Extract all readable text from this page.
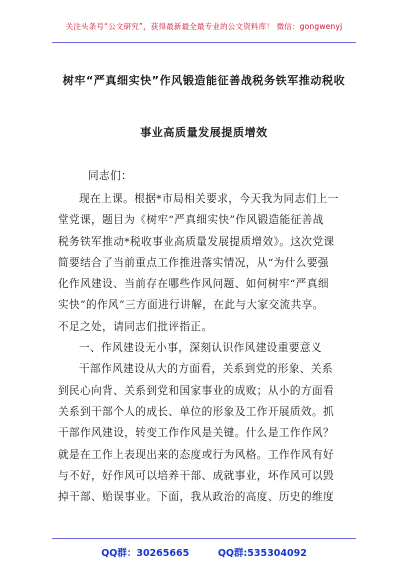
关注头条号“公文研究”，获得最新最全最专业的公文资料库！ 微信：gongwenyj
树牢“严真细实快”作风锻造能征善战税务铁军推动税收
事业高质量发展提质增效
同志们：
现在上课。根据*市局相关要求，今天我为同志们上一
堂党课，题目为《树牢“严真细实快”作风锻造能征善战
税务铁军推动*税收事业高质量发展提质增效》。这次党课
简要结合了当前重点工作推进落实情况，从“为什么要强
化作风建设、当前存在哪些作风问题、如何树牢“严真细
实快”的作风”三方面进行讲解，在此与大家交流共享。
不足之处，请同志们批评指正。
一、作风建设无小事，深刻认识作风建设重要意义
干部作风建设从大的方面看，关系到党的形象、关系
到民心向背、关系到党和国家事业的成败；从小的方面看
关系到干部个人的成长、单位的形象及工作开展质效。抓
干部作风建设，转变工作作风是关键。什么是工作作风？
就是在工作上表现出来的态度或行为风格。工作作风有好
与不好，好作风可以培养干部、成就事业，坏作风可以毁
掉干部、贻误事业。下面，我从政治的高度、历史的维度
QQ群：30265665	QQ群:535304092
